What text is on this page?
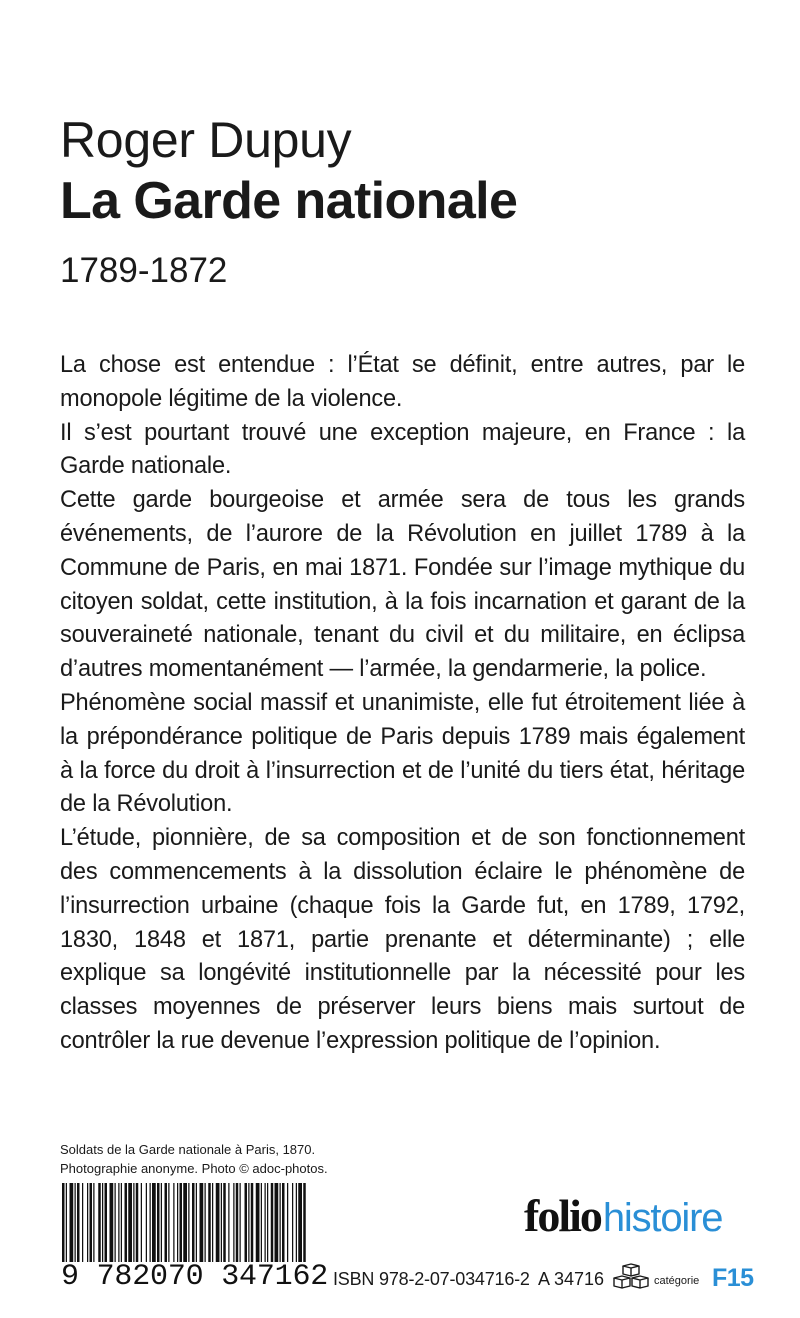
Roger Dupuy
La Garde nationale
1789-1872

La chose est entendue : l’État se définit, entre autres, par le monopole légitime de la violence.

Il s’est pourtant trouvé une exception majeure, en France : la Garde nationale.

Cette garde bourgeoise et armée sera de tous les grands événements, de l’aurore de la Révolution en juillet 1789 à la Commune de Paris, en mai 1871. Fondée sur l’image mythique du citoyen soldat, cette institution, à la fois incarnation et garant de la souveraineté nationale, tenant du civil et du militaire, en éclipsa d’autres momentanément — l’armée, la gendarmerie, la police.

Phénomène social massif et unanimiste, elle fut étroitement liée à la prépondérance politique de Paris depuis 1789 mais également à la force du droit à l’insurrection et de l’unité du tiers état, héritage de la Révolution.

L’étude, pionnière, de sa composition et de son fonctionnement des commencements à la dissolution éclaire le phénomène de l’insurrection urbaine (chaque fois la Garde fut, en 1789, 1792, 1830, 1848 et 1871, partie prenante et déterminante) ; elle explique sa longévité institutionnelle par la nécessité pour les classes moyennes de préserver leurs biens mais surtout de contrôler la rue devenue l’expression politique de l’opinion.

Soldats de la Garde nationale à Paris, 1870.
Photographie anonyme. Photo © adoc-photos.
9 782070 347162
foliohistoire
ISBN 978-2-07-034716-2 A 34716	catégorie F15
